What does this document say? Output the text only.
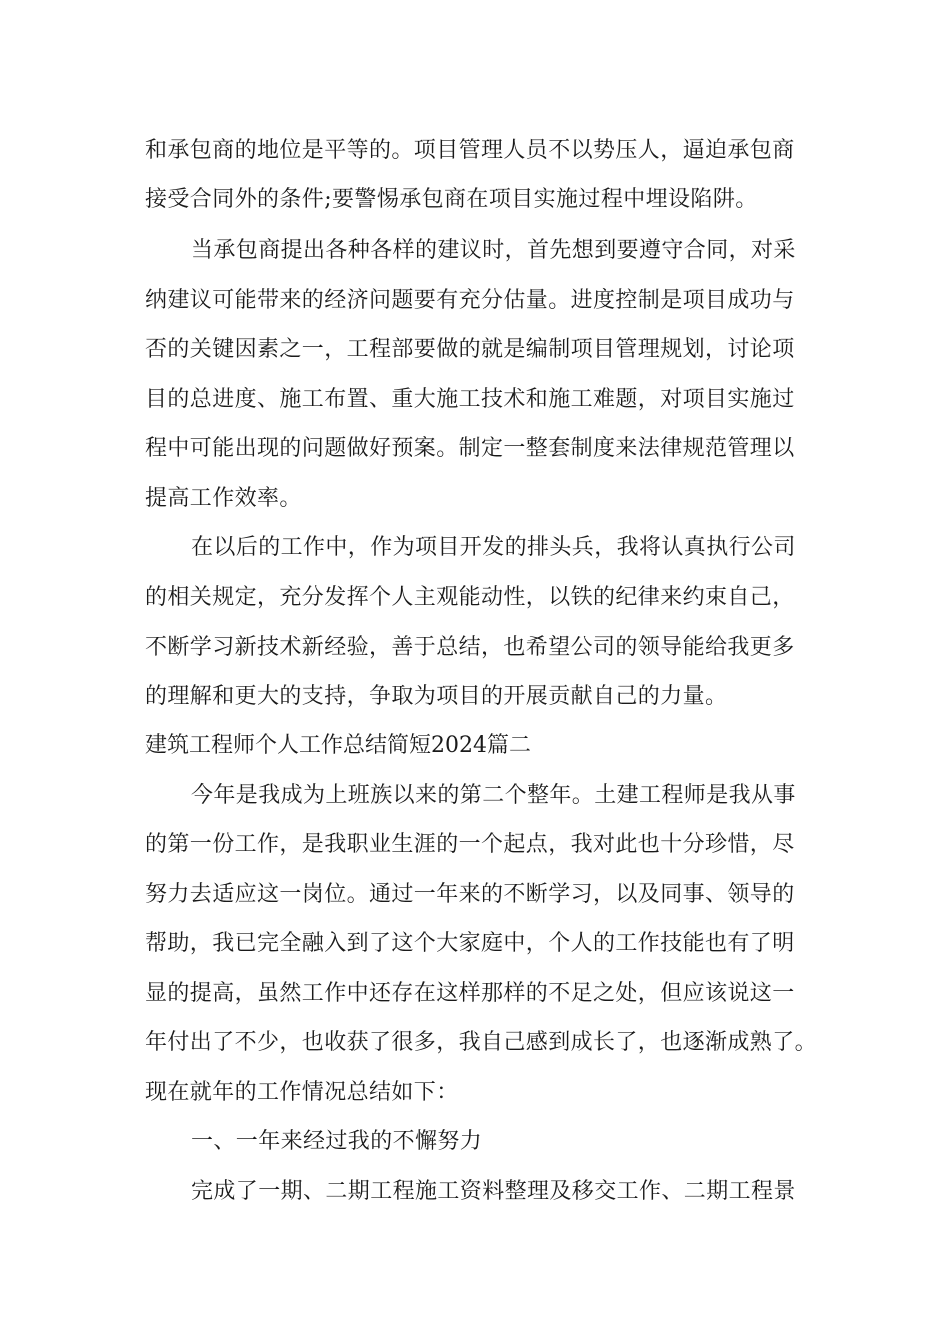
和承包商的地位是平等的。项目管理人员不以势压人，逼迫承包商
接受合同外的条件;要警惕承包商在项目实施过程中埋设陷阱。
当承包商提出各种各样的建议时，首先想到要遵守合同，对采
纳建议可能带来的经济问题要有充分估量。进度控制是项目成功与
否的关键因素之一，工程部要做的就是编制项目管理规划，讨论项
目的总进度、施工布置、重大施工技术和施工难题，对项目实施过
程中可能出现的问题做好预案。制定一整套制度来法律规范管理以
提高工作效率。
在以后的工作中，作为项目开发的排头兵，我将认真执行公司
的相关规定，充分发挥个人主观能动性，以铁的纪律来约束自己，
不断学习新技术新经验，善于总结，也希望公司的领导能给我更多
的理解和更大的支持，争取为项目的开展贡献自己的力量。
建筑工程师个人工作总结简短2024篇二
今年是我成为上班族以来的第二个整年。土建工程师是我从事
的第一份工作，是我职业生涯的一个起点，我对此也十分珍惜，尽
努力去适应这一岗位。通过一年来的不断学习，以及同事、领导的
帮助，我已完全融入到了这个大家庭中，个人的工作技能也有了明
显的提高，虽然工作中还存在这样那样的不足之处，但应该说这一
年付出了不少，也收获了很多，我自己感到成长了，也逐渐成熟了。
现在就年的工作情况总结如下：
一、一年来经过我的不懈努力
完成了一期、二期工程施工资料整理及移交工作、二期工程景
